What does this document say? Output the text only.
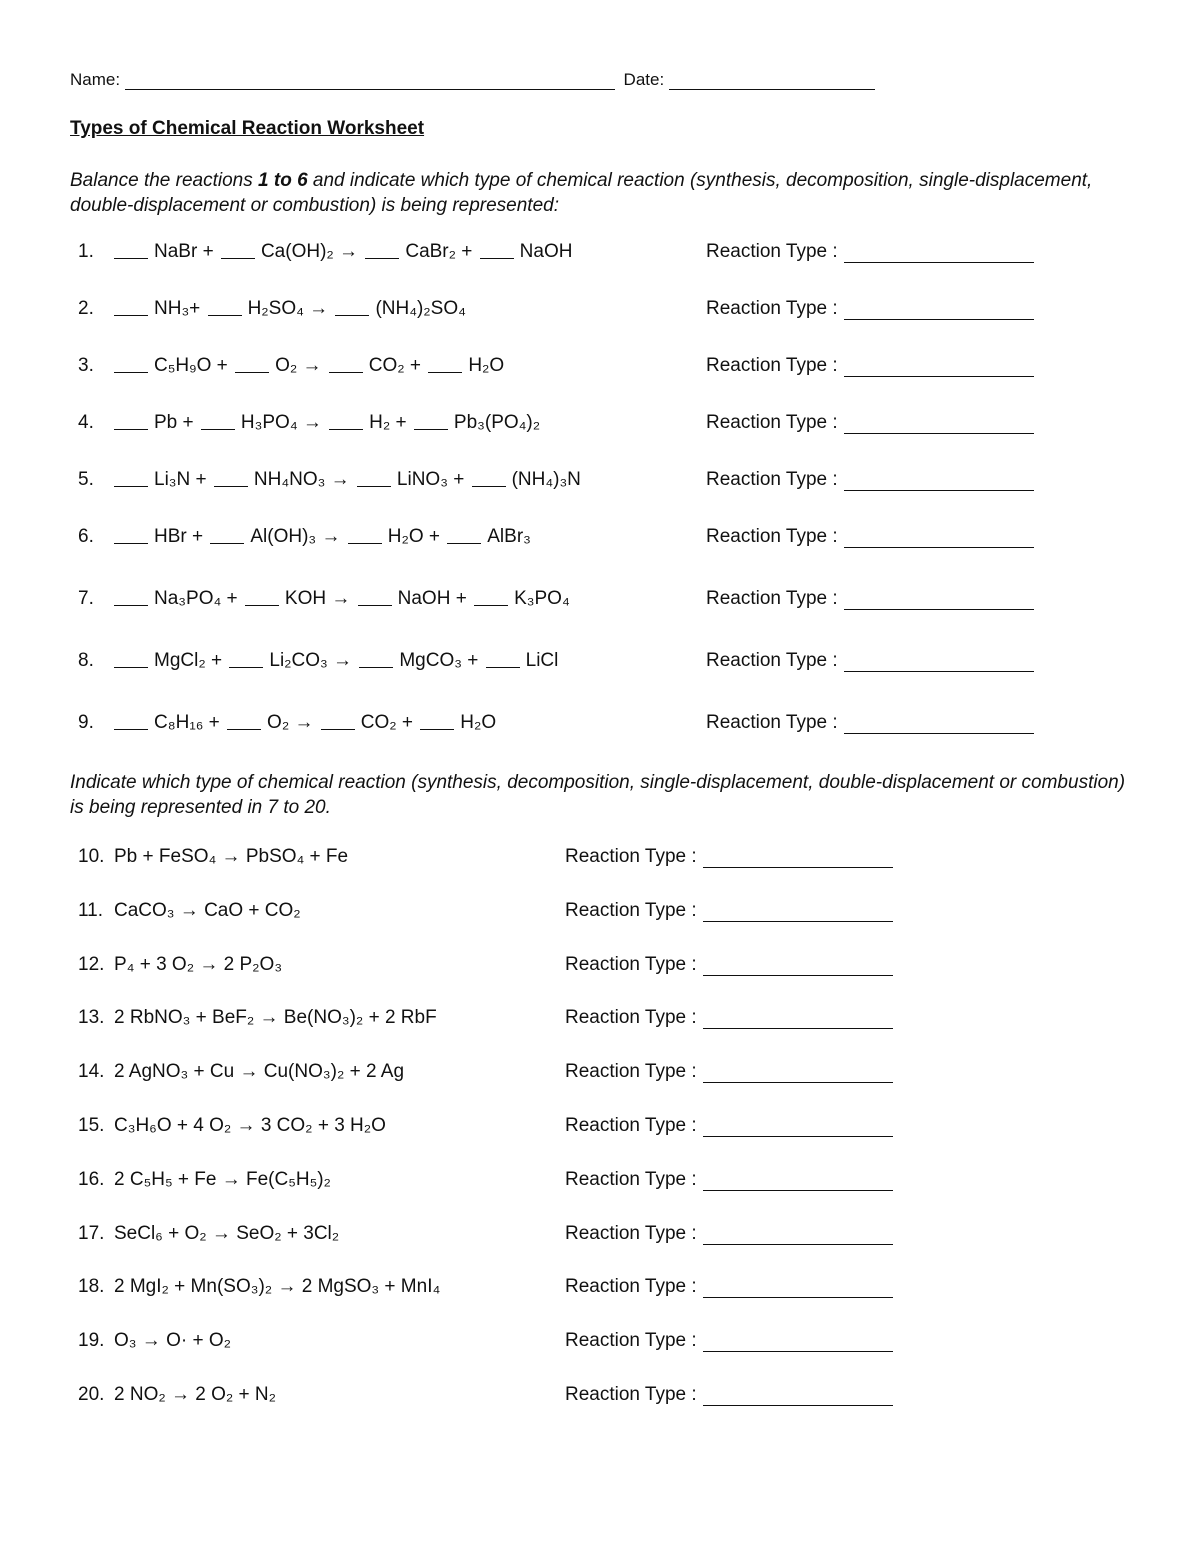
Name:	Date:
Types of Chemical Reaction Worksheet
Balance the reactions 1 to 6 and indicate which type of chemical reaction (synthesis, decomposition, single-displacement, double-displacement or combustion) is being represented:
1.	NaBr + Ca(OH)₂ → CaBr₂ + NaOH	Reaction Type :
2.	NH₃+ H₂SO₄ → (NH₄)₂SO₄	Reaction Type :
3.	C₅H₉O + O₂ → CO₂ + H₂O	Reaction Type :
4.	Pb + H₃PO₄ → H₂ + Pb₃(PO₄)₂	Reaction Type :
5.	Li₃N + NH₄NO₃ → LiNO₃ + (NH₄)₃N	Reaction Type :
6.	HBr + Al(OH)₃ → H₂O + AlBr₃	Reaction Type :
7.	Na₃PO₄ + KOH → NaOH + K₃PO₄	Reaction Type :
8.	MgCl₂ + Li₂CO₃ → MgCO₃ + LiCl	Reaction Type :
9.	C₈H₁₆ + O₂ → CO₂ + H₂O	Reaction Type :
Indicate which type of chemical reaction (synthesis, decomposition, single-displacement, double-displacement or combustion) is being represented in 7 to 20.
10. Pb + FeSO₄ → PbSO₄ + Fe	Reaction Type :
11. CaCO₃ → CaO + CO₂	Reaction Type :
12. P₄ + 3 O₂ → 2 P₂O₃	Reaction Type :
13. 2 RbNO₃ + BeF₂ → Be(NO₃)₂ + 2 RbF	Reaction Type :
14. 2 AgNO₃ + Cu → Cu(NO₃)₂ + 2 Ag	Reaction Type :
15. C₃H₆O + 4 O₂ → 3 CO₂ + 3 H₂O	Reaction Type :
16. 2 C₅H₅ + Fe → Fe(C₅H₅)₂	Reaction Type :
17. SeCl₆ + O₂ → SeO₂ + 3Cl₂	Reaction Type :
18. 2 MgI₂ + Mn(SO₃)₂ → 2 MgSO₃ + MnI₄	Reaction Type :
19. O₃ → O· + O₂	Reaction Type :
20. 2 NO₂ → 2 O₂ + N₂	Reaction Type :
